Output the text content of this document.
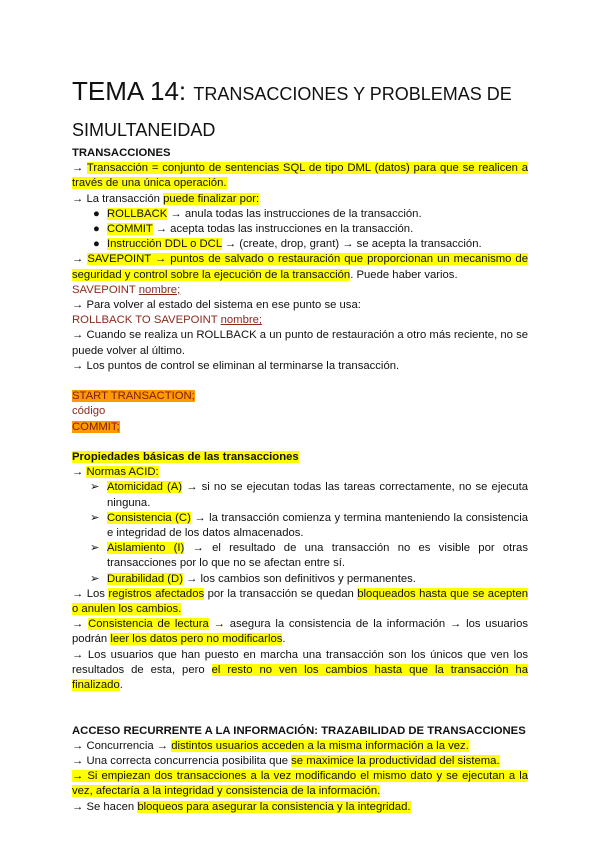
TEMA 14: TRANSACCIONES Y PROBLEMAS DE SIMULTANEIDAD

TRANSACCIONES

→ Transacción = conjunto de sentencias SQL de tipo DML (datos) para que se realicen a través de una única operación.

→ La transacción puede finalizar por:

● ROLLBACK → anula todas las instrucciones de la transacción.
● COMMIT → acepta todas las instrucciones en la transacción.
● Instrucción DDL o DCL → (create, drop, grant) → se acepta la transacción.

→ SAVEPOINT → puntos de salvado o restauración que proporcionan un mecanismo de seguridad y control sobre la ejecución de la transacción. Puede haber varios.

SAVEPOINT nombre;

→ Para volver al estado del sistema en ese punto se usa:

ROLLBACK TO SAVEPOINT nombre;

→ Cuando se realiza un ROLLBACK a un punto de restauración a otro más reciente, no se puede volver al último.

→ Los puntos de control se eliminan al terminarse la transacción.

START TRANSACTION;

código

COMMIT;

Propiedades básicas de las transacciones

→ Normas ACID:

➢ Atomicidad (A) → si no se ejecutan todas las tareas correctamente, no se ejecuta ninguna.
➢ Consistencia (C) → la transacción comienza y termina manteniendo la consistencia e integridad de los datos almacenados.
➢ Aislamiento (I) → el resultado de una transacción no es visible por otras transacciones por lo que no se afectan entre sí.
➢ Durabilidad (D) → los cambios son definitivos y permanentes.

→ Los registros afectados por la transacción se quedan bloqueados hasta que se acepten o anulen los cambios.

→ Consistencia de lectura → asegura la consistencia de la información → los usuarios podrán leer los datos pero no modificarlos.

→ Los usuarios que han puesto en marcha una transacción son los únicos que ven los resultados de esta, pero el resto no ven los cambios hasta que la transacción ha finalizado.

ACCESO RECURRENTE A LA INFORMACIÓN: TRAZABILIDAD DE TRANSACCIONES

→ Concurrencia → distintos usuarios acceden a la misma información a la vez.

→ Una correcta concurrencia posibilita que se maximice la productividad del sistema.

→ Si empiezan dos transacciones a la vez modificando el mismo dato y se ejecutan a la vez, afectaría a la integridad y consistencia de la información.

→ Se hacen bloqueos para asegurar la consistencia y la integridad.
